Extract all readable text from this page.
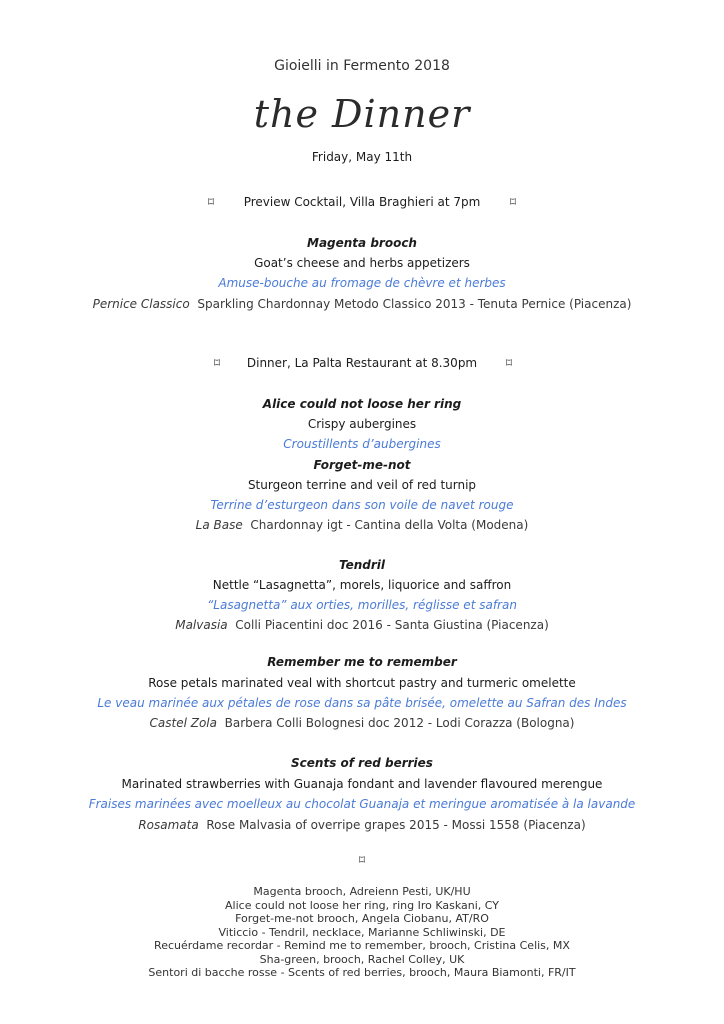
Gioielli in Fermento 2018
the Dinner
Friday, May 11th
⌑	⌑
Preview Cocktail, Villa Braghieri at 7pm
Magenta brooch
Goat’s cheese and herbs appetizers
Amuse-bouche au fromage de chèvre et herbes
Pernice Classico Sparkling Chardonnay Metodo Classico 2013 - Tenuta Pernice (Piacenza)
⌑	⌑
Dinner, La Palta Restaurant at 8.30pm
Alice could not loose her ring
Crispy aubergines
Croustillents d’aubergines
Forget-me-not
Sturgeon terrine and veil of red turnip
Terrine d’esturgeon dans son voile de navet rouge
La Base Chardonnay igt - Cantina della Volta (Modena)
Tendril
Nettle “Lasagnetta”, morels, liquorice and saffron
“Lasagnetta” aux orties, morilles, réglisse et safran
Malvasia Colli Piacentini doc 2016 - Santa Giustina (Piacenza)
Remember me to remember
Rose petals marinated veal with shortcut pastry and turmeric omelette
Le veau marinée aux pétales de rose dans sa pâte brisée, omelette au Safran des Indes
Castel Zola Barbera Colli Bolognesi doc 2012 - Lodi Corazza (Bologna)
Scents of red berries
Marinated strawberries with Guanaja fondant and lavender flavoured merengue
Fraises marinées avec moelleux au chocolat Guanaja et meringue aromatisée à la lavande
Rosamata Rose Malvasia of overripe grapes 2015 - Mossi 1558 (Piacenza)
⌑
Magenta brooch, Adreienn Pesti, UK/HU
Alice could not loose her ring, ring Iro Kaskani, CY
Forget-me-not brooch, Angela Ciobanu, AT/RO
Viticcio - Tendril, necklace, Marianne Schliwinski, DE
Recuérdame recordar - Remind me to remember, brooch, Cristina Celis, MX
Sha-green, brooch, Rachel Colley, UK
Sentori di bacche rosse - Scents of red berries, brooch, Maura Biamonti, FR/IT
